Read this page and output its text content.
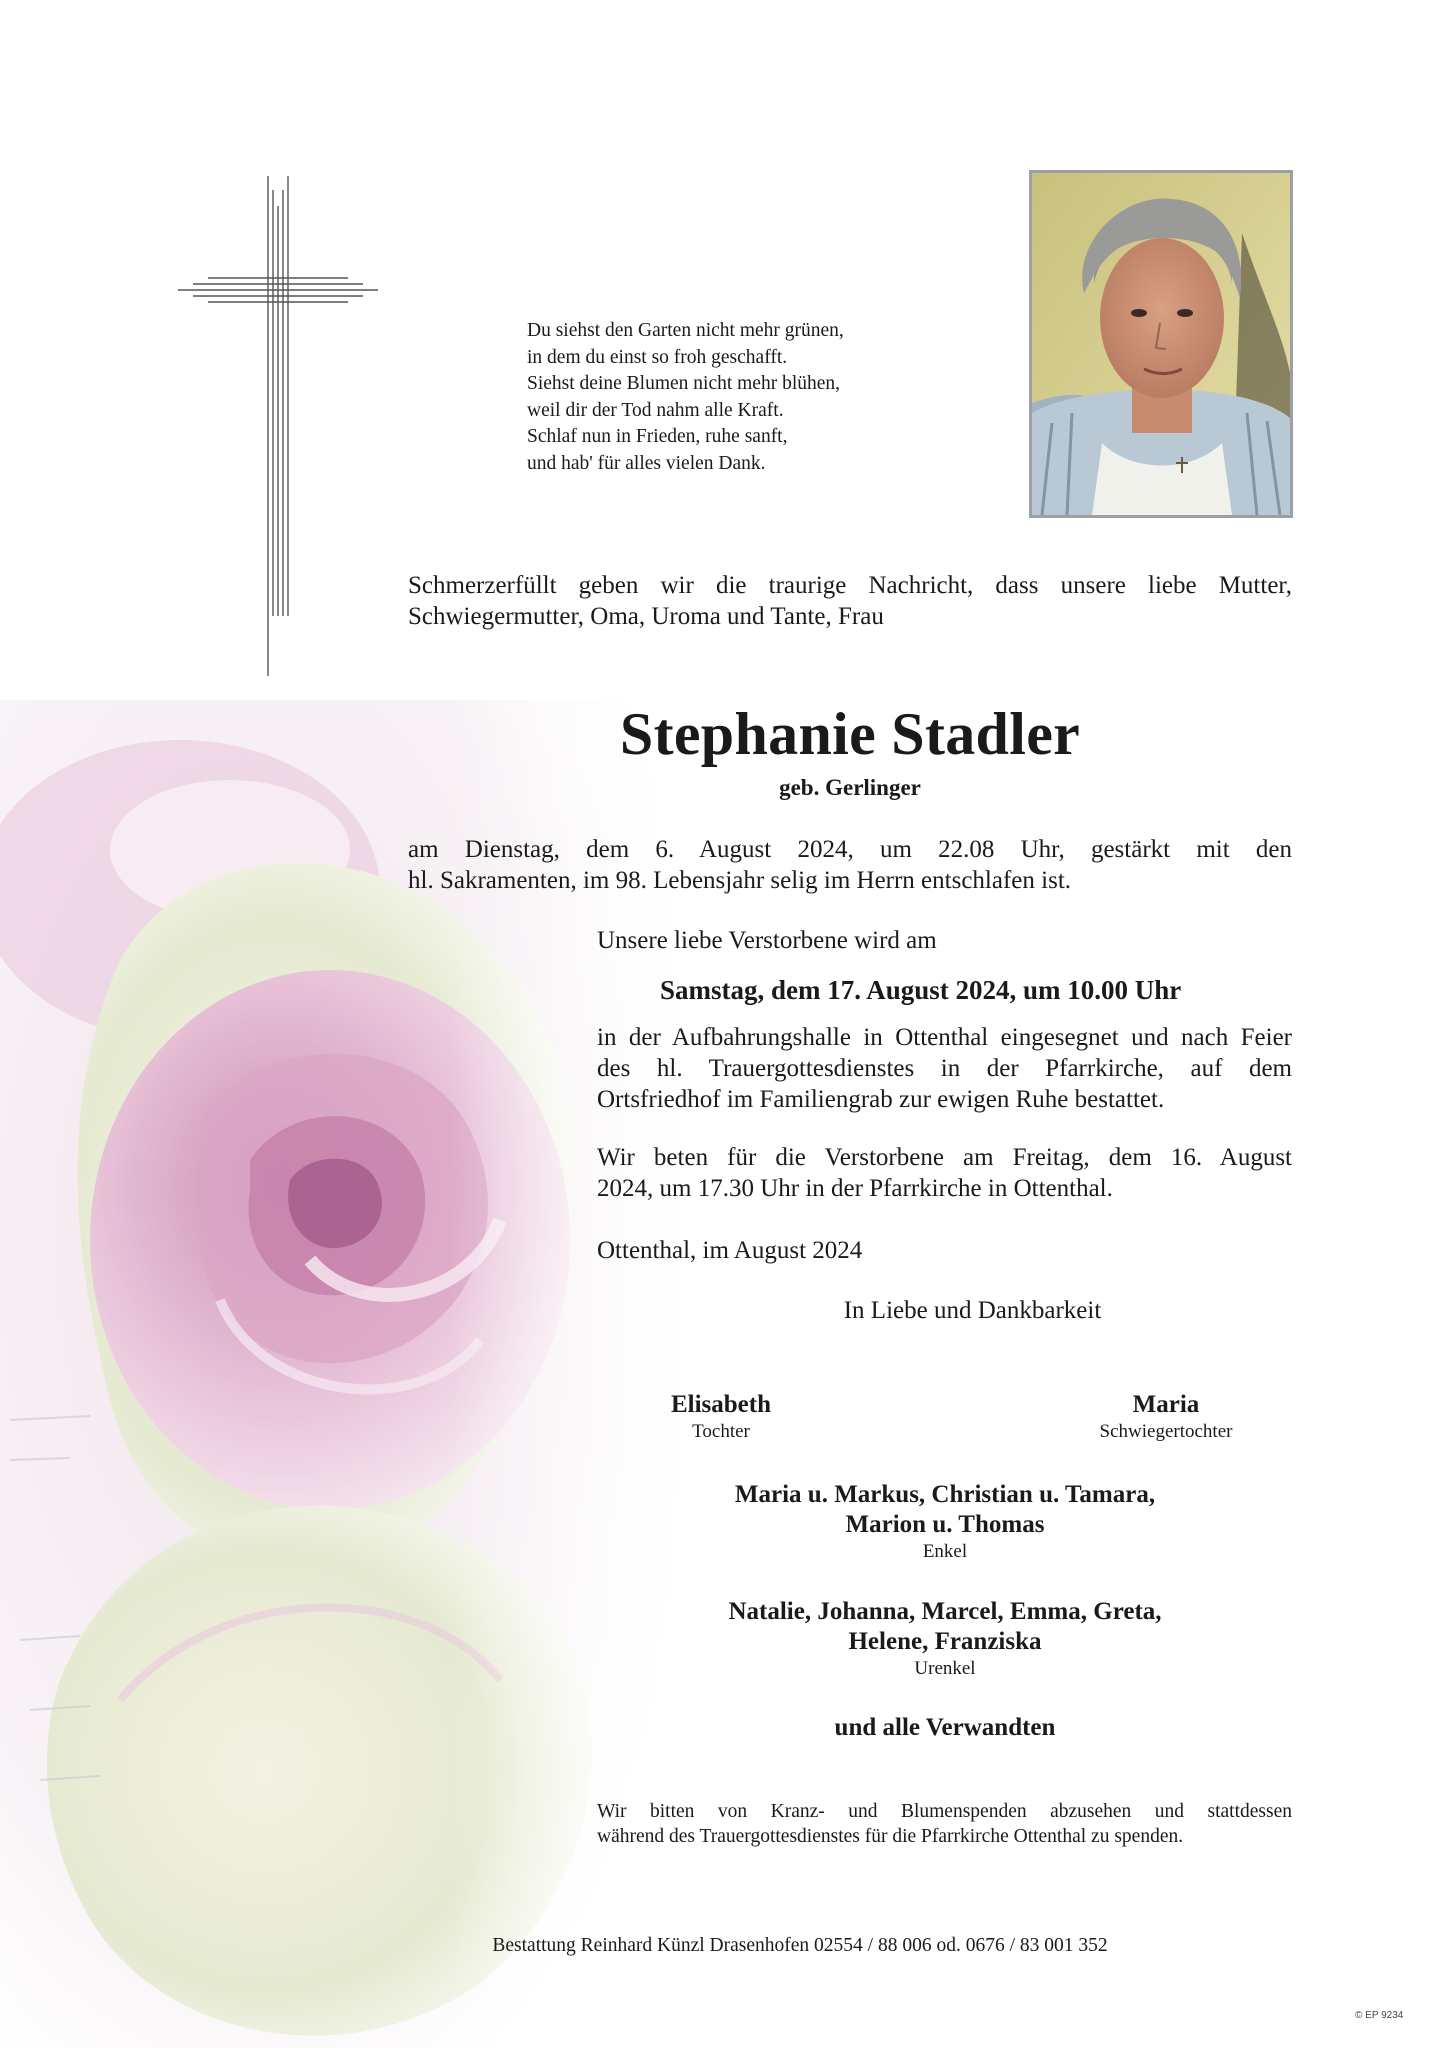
Du siehst den Garten nicht mehr grünen,
in dem du einst so froh geschafft.
Siehst deine Blumen nicht mehr blühen,
weil dir der Tod nahm alle Kraft.
Schlaf nun in Frieden, ruhe sanft,
und hab' für alles vielen Dank.
Schmerzerfüllt geben wir die traurige Nachricht, dass unsere liebe Mutter,
Schwiegermutter, Oma, Uroma und Tante, Frau
Stephanie Stadler
geb. Gerlinger
am Dienstag, dem 6. August 2024, um 22.08 Uhr, gestärkt mit den
hl. Sakramenten, im 98. Lebensjahr selig im Herrn entschlafen ist.
Unsere liebe Verstorbene wird am
Samstag, dem 17. August 2024, um 10.00 Uhr
in der Aufbahrungshalle in Ottenthal eingesegnet und nach Feier
des hl. Trauergottesdienstes in der Pfarrkirche, auf dem
Ortsfriedhof im Familiengrab zur ewigen Ruhe bestattet.
Wir beten für die Verstorbene am Freitag, dem 16. August
2024, um 17.30 Uhr in der Pfarrkirche in Ottenthal.
Ottenthal, im August 2024
In Liebe und Dankbarkeit
Elisabeth
Tochter
Maria
Schwiegertochter
Maria u. Markus, Christian u. Tamara,
Marion u. Thomas
Enkel
Natalie, Johanna, Marcel, Emma, Greta,
Helene, Franziska
Urenkel
und alle Verwandten
Wir bitten von Kranz- und Blumenspenden abzusehen und stattdessen
während des Trauergottesdienstes für die Pfarrkirche Ottenthal zu spenden.
Bestattung Reinhard Künzl Drasenhofen 02554 / 88 006 od. 0676 / 83 001 352
© EP 9234
